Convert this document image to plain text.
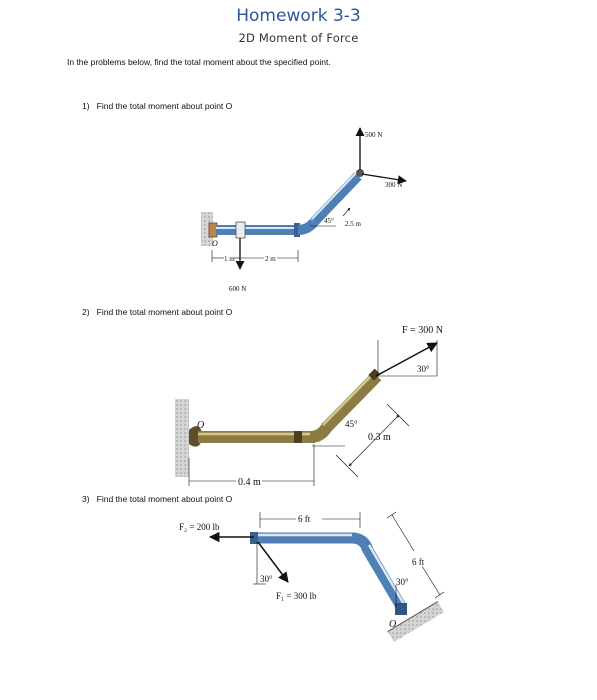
Homework 3-3
2D Moment of Force
In the problems below, find the total moment about the specified point.
1) Find the total moment about point O
2) Find the total moment about point O
3) Find the total moment about point O
500 N
300 N
45° 2.5 m
O
1 m	2 m
600 N
F = 300 N
30°
45°
0.3 m
O
0.4 m
F₂ = 200 lb
6 ft
30°
F₁ = 300 lb
6 ft
30°
O
